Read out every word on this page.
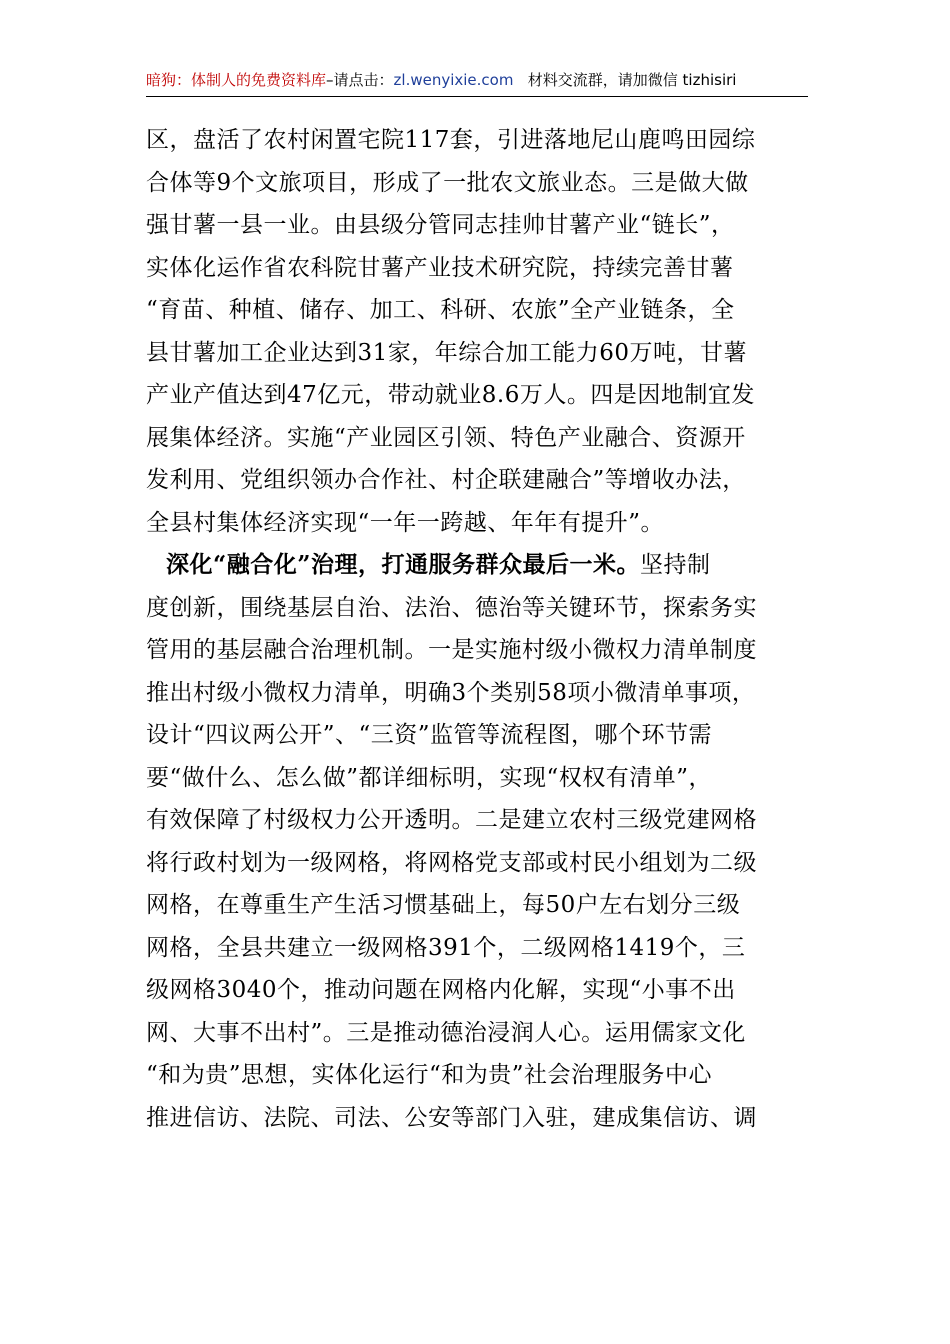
暗狗：体制人的免费资料库–请点击：zl.wenyixie.com 材料交流群，请加微信 tizhisiri
区，盘活了农村闲置宅院117套，引进落地尼山鹿鸣田园综
合体等9个文旅项目，形成了一批农文旅业态。三是做大做
强甘薯一县一业。由县级分管同志挂帅甘薯产业“链长”，
实体化运作省农科院甘薯产业技术研究院，持续完善甘薯
“育苗、种植、储存、加工、科研、农旅”全产业链条，全
县甘薯加工企业达到31家，年综合加工能力60万吨，甘薯
产业产值达到47亿元，带动就业8.6万人。四是因地制宜发
展集体经济。实施“产业园区引领、特色产业融合、资源开
发利用、党组织领办合作社、村企联建融合”等增收办法，
全县村集体经济实现“一年一跨越、年年有提升”。
深化“融合化”治理，打通服务群众最后一米。坚持制
度创新，围绕基层自治、法治、德治等关键环节，探索务实
管用的基层融合治理机制。一是实施村级小微权力清单制度
推出村级小微权力清单，明确3个类别58项小微清单事项，
设计“四议两公开”、“三资”监管等流程图，哪个环节需
要“做什么、怎么做”都详细标明，实现“权权有清单”，
有效保障了村级权力公开透明。二是建立农村三级党建网格
将行政村划为一级网格，将网格党支部或村民小组划为二级
网格，在尊重生产生活习惯基础上，每50户左右划分三级
网格，全县共建立一级网格391个，二级网格1419个，三
级网格3040个，推动问题在网格内化解，实现“小事不出
网、大事不出村”。三是推动德治浸润人心。运用儒家文化
“和为贵”思想，实体化运行“和为贵”社会治理服务中心
推进信访、法院、司法、公安等部门入驻，建成集信访、调
